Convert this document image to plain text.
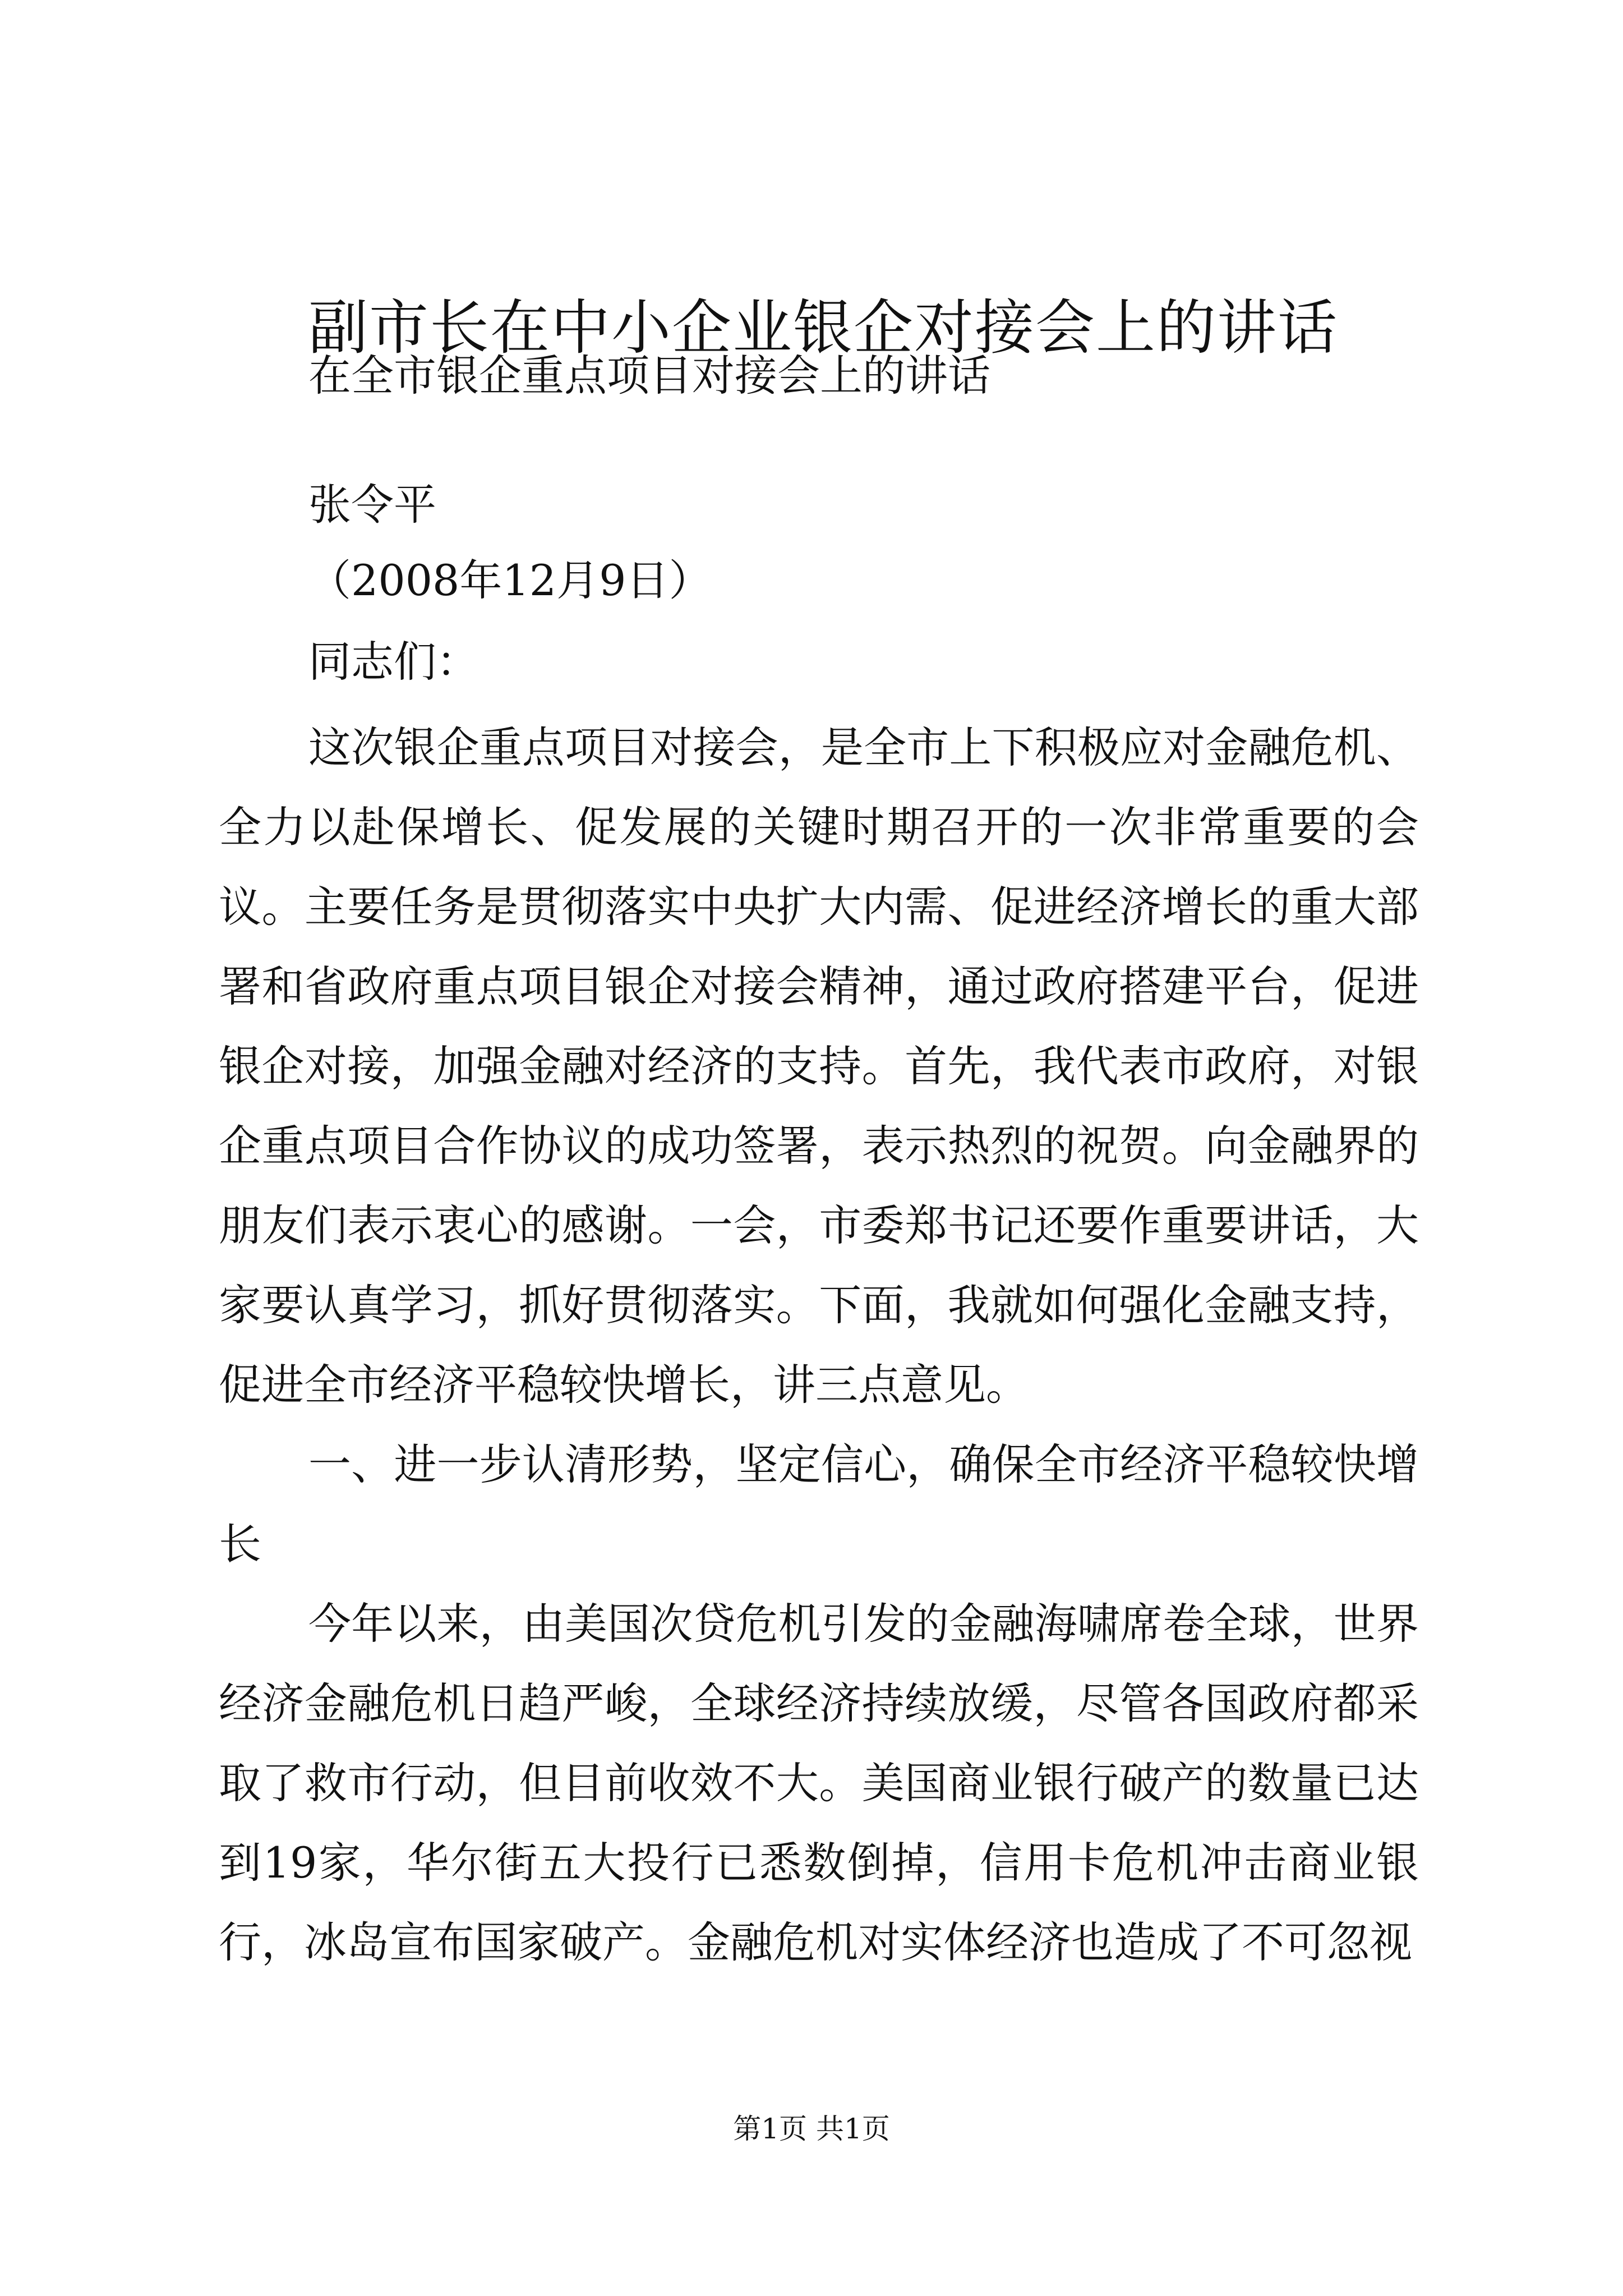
副市长在中小企业银企对接会上的讲话

在全市银企重点项目对接会上的讲话

张令平

（2008年12月9日）

同志们：

这次银企重点项目对接会，是全市上下积极应对金融危机、全力以赴保增长、促发展的关键时期召开的一次非常重要的会议。主要任务是贯彻落实中央扩大内需、促进经济增长的重大部署和省政府重点项目银企对接会精神，通过政府搭建平台，促进银企对接，加强金融对经济的支持。首先，我代表市政府，对银企重点项目合作协议的成功签署，表示热烈的祝贺。向金融界的朋友们表示衷心的感谢。一会，市委郑书记还要作重要讲话，大家要认真学习，抓好贯彻落实。下面，我就如何强化金融支持，促进全市经济平稳较快增长，讲三点意见。

一、进一步认清形势，坚定信心，确保全市经济平稳较快增长

今年以来，由美国次贷危机引发的金融海啸席卷全球，世界经济金融危机日趋严峻，全球经济持续放缓，尽管各国政府都采取了救市行动，但目前收效不大。美国商业银行破产的数量已达到19家，华尔街五大投行已悉数倒掉，信用卡危机冲击商业银行，冰岛宣布国家破产。金融危机对实体经济也造成了不可忽视

第1页 共1页
